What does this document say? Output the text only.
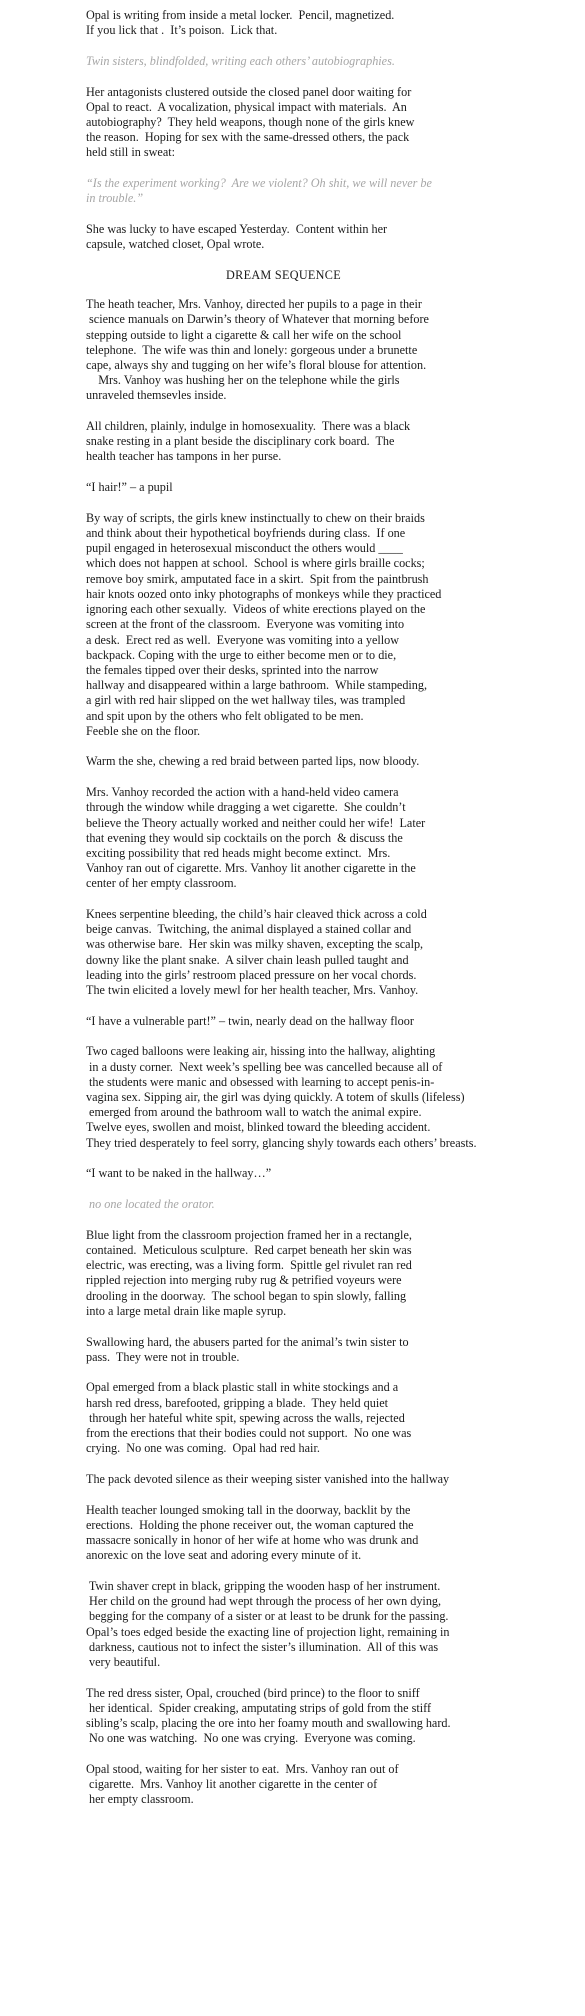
Opal is writing from inside a metal locker.  Pencil, magnetized.
If you lick that .  It’s poison.  Lick that.
Twin sisters, blindfolded, writing each others’ autobiographies.
Her antagonists clustered outside the closed panel door waiting for
Opal to react.  A vocalization, physical impact with materials.  An
autobiography?  They held weapons, though none of the girls knew
the reason.  Hoping for sex with the same-dressed others, the pack
held still in sweat:
“Is the experiment working?  Are we violent? Oh shit, we will never be
in trouble.”
She was lucky to have escaped Yesterday.  Content within her
capsule, watched closet, Opal wrote.
DREAM SEQUENCE
The heath teacher, Mrs. Vanhoy, directed her pupils to a page in their
science manuals on Darwin’s theory of Whatever that morning before
stepping outside to light a cigarette & call her wife on the school
telephone.  The wife was thin and lonely: gorgeous under a brunette
cape, always shy and tugging on her wife’s floral blouse for attention.
Mrs. Vanhoy was hushing her on the telephone while the girls
unraveled themsevles inside.
All children, plainly, indulge in homosexuality.  There was a black
snake resting in a plant beside the disciplinary cork board.  The
health teacher has tampons in her purse.
“I hair!” – a pupil
By way of scripts, the girls knew instinctually to chew on their braids
and think about their hypothetical boyfriends during class.  If one
pupil engaged in heterosexual misconduct the others would ____
which does not happen at school.  School is where girls braille cocks;
remove boy smirk, amputated face in a skirt.  Spit from the paintbrush
hair knots oozed onto inky photographs of monkeys while they practiced
ignoring each other sexually.  Videos of white erections played on the
screen at the front of the classroom.  Everyone was vomiting into
a desk.  Erect red as well.  Everyone was vomiting into a yellow
backpack. Coping with the urge to either become men or to die,
the females tipped over their desks, sprinted into the narrow
hallway and disappeared within a large bathroom.  While stampeding,
a girl with red hair slipped on the wet hallway tiles, was trampled
and spit upon by the others who felt obligated to be men.
Feeble she on the floor.
Warm the she, chewing a red braid between parted lips, now bloody.
Mrs. Vanhoy recorded the action with a hand-held video camera
through the window while dragging a wet cigarette.  She couldn’t
believe the Theory actually worked and neither could her wife!  Later
that evening they would sip cocktails on the porch  & discuss the
exciting possibility that red heads might become extinct.  Mrs.
Vanhoy ran out of cigarette. Mrs. Vanhoy lit another cigarette in the
center of her empty classroom.
Knees serpentine bleeding, the child’s hair cleaved thick across a cold
beige canvas.  Twitching, the animal displayed a stained collar and
was otherwise bare.  Her skin was milky shaven, excepting the scalp,
downy like the plant snake.  A silver chain leash pulled taught and
leading into the girls’ restroom placed pressure on her vocal chords.
The twin elicited a lovely mewl for her health teacher, Mrs. Vanhoy.
“I have a vulnerable part!” – twin, nearly dead on the hallway floor
Two caged balloons were leaking air, hissing into the hallway, alighting
in a dusty corner.  Next week’s spelling bee was cancelled because all of
the students were manic and obsessed with learning to accept penis-in-
vagina sex. Sipping air, the girl was dying quickly. A totem of skulls (lifeless)
emerged from around the bathroom wall to watch the animal expire.
Twelve eyes, swollen and moist, blinked toward the bleeding accident.
They tried desperately to feel sorry, glancing shyly towards each others’ breasts.
“I want to be naked in the hallway…”
no one located the orator.
Blue light from the classroom projection framed her in a rectangle,
contained.  Meticulous sculpture.  Red carpet beneath her skin was
electric, was erecting, was a living form.  Spittle gel rivulet ran red
rippled rejection into merging ruby rug & petrified voyeurs were
drooling in the doorway.  The school began to spin slowly, falling
into a large metal drain like maple syrup.
Swallowing hard, the abusers parted for the animal’s twin sister to
pass.  They were not in trouble.
Opal emerged from a black plastic stall in white stockings and a
harsh red dress, barefooted, gripping a blade.  They held quiet
through her hateful white spit, spewing across the walls, rejected
from the erections that their bodies could not support.  No one was
crying.  No one was coming.  Opal had red hair.
The pack devoted silence as their weeping sister vanished into the hallway
Health teacher lounged smoking tall in the doorway, backlit by the
erections.  Holding the phone receiver out, the woman captured the
massacre sonically in honor of her wife at home who was drunk and
anorexic on the love seat and adoring every minute of it.
Twin shaver crept in black, gripping the wooden hasp of her instrument.
Her child on the ground had wept through the process of her own dying,
begging for the company of a sister or at least to be drunk for the passing.
Opal’s toes edged beside the exacting line of projection light, remaining in
darkness, cautious not to infect the sister’s illumination.  All of this was
very beautiful.
The red dress sister, Opal, crouched (bird prince) to the floor to sniff
her identical.  Spider creaking, amputating strips of gold from the stiff
sibling’s scalp, placing the ore into her foamy mouth and swallowing hard.
No one was watching.  No one was crying.  Everyone was coming.
Opal stood, waiting for her sister to eat.  Mrs. Vanhoy ran out of
cigarette.  Mrs. Vanhoy lit another cigarette in the center of
her empty classroom.
